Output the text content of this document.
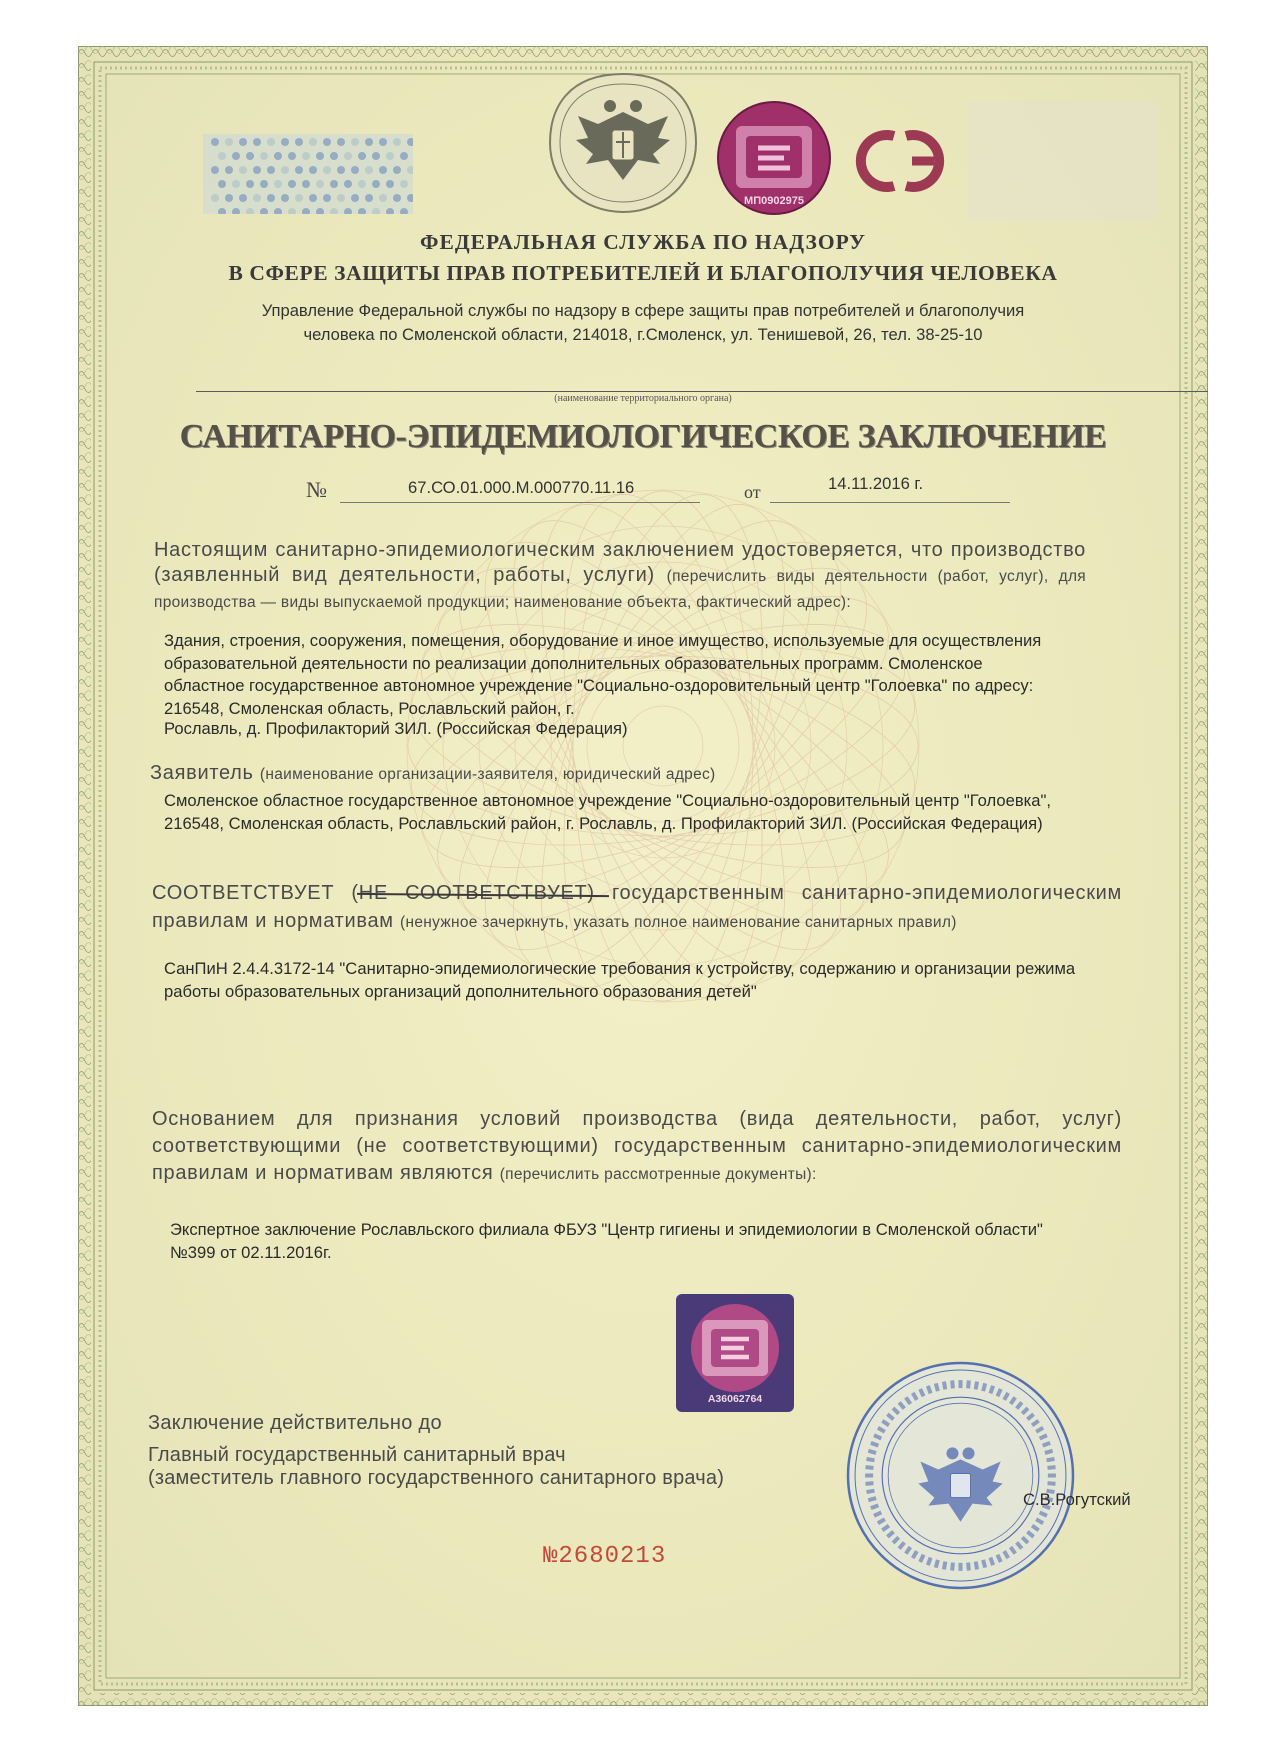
МП0902975
ФЕДЕРАЛЬНАЯ СЛУЖБА ПО НАДЗОРУ
В СФЕРЕ ЗАЩИТЫ ПРАВ ПОТРЕБИТЕЛЕЙ И БЛАГОПОЛУЧИЯ ЧЕЛОВЕКА
Управление Федеральной службы по надзору в сфере защиты прав потребителей и благополучия
человека по Смоленской области, 214018, г.Смоленск, ул. Тенишевой, 26, тел. 38-25-10
(наименование территориального органа)
САНИТАРНО-ЭПИДЕМИОЛОГИЧЕСКОЕ ЗАКЛЮЧЕНИЕ
№	67.СО.01.000.М.000770.11.16	от	14.11.2016 г.
Настоящим санитарно-эпидемиологическим заключением удостоверяется, что производство (заявленный вид деятельности, работы, услуги) (перечислить виды деятельности (работ, услуг), для производства — виды выпускаемой продукции; наименование объекта, фактический адрес):
Здания, строения, сооружения, помещения, оборудование и иное имущество, используемые для осуществления образовательной деятельности по реализации дополнительных образовательных программ. Смоленское областное государственное автономное учреждение "Социально-оздоровительный центр "Голоевка" по адресу: 216548, Смоленская область, Рославльский район, г.
Рославль, д. Профилакторий ЗИЛ. (Российская Федерация)
Заявитель (наименование организации-заявителя, юридический адрес)
Смоленское областное государственное автономное учреждение "Социально-оздоровительный центр "Голоевка", 216548, Смоленская область, Рославльский район, г. Рославль, д. Профилакторий ЗИЛ. (Российская Федерация)
СООТВЕТСТВУЕТ (НЕ СООТВЕТСТВУЕТ) государственным санитарно-эпидемиологическим правилам и нормативам (ненужное зачеркнуть, указать полное наименование санитарных правил)
СанПиН 2.4.4.3172-14 "Санитарно-эпидемиологические требования к устройству, содержанию и организации режима работы образовательных организаций дополнительного образования детей"
Основанием для признания условий производства (вида деятельности, работ, услуг) соответствующими (не соответствующими) государственным санитарно-эпидемиологическим правилам и нормативам являются (перечислить рассмотренные документы):
Экспертное заключение Рославльского филиала ФБУЗ "Центр гигиены и эпидемиологии в Смоленской области" №399 от 02.11.2016г.
А36062764
Заключение действительно до
Главный государственный санитарный врач
(заместитель главного государственного санитарного врача)
С.В.Рогутский
№2680213
